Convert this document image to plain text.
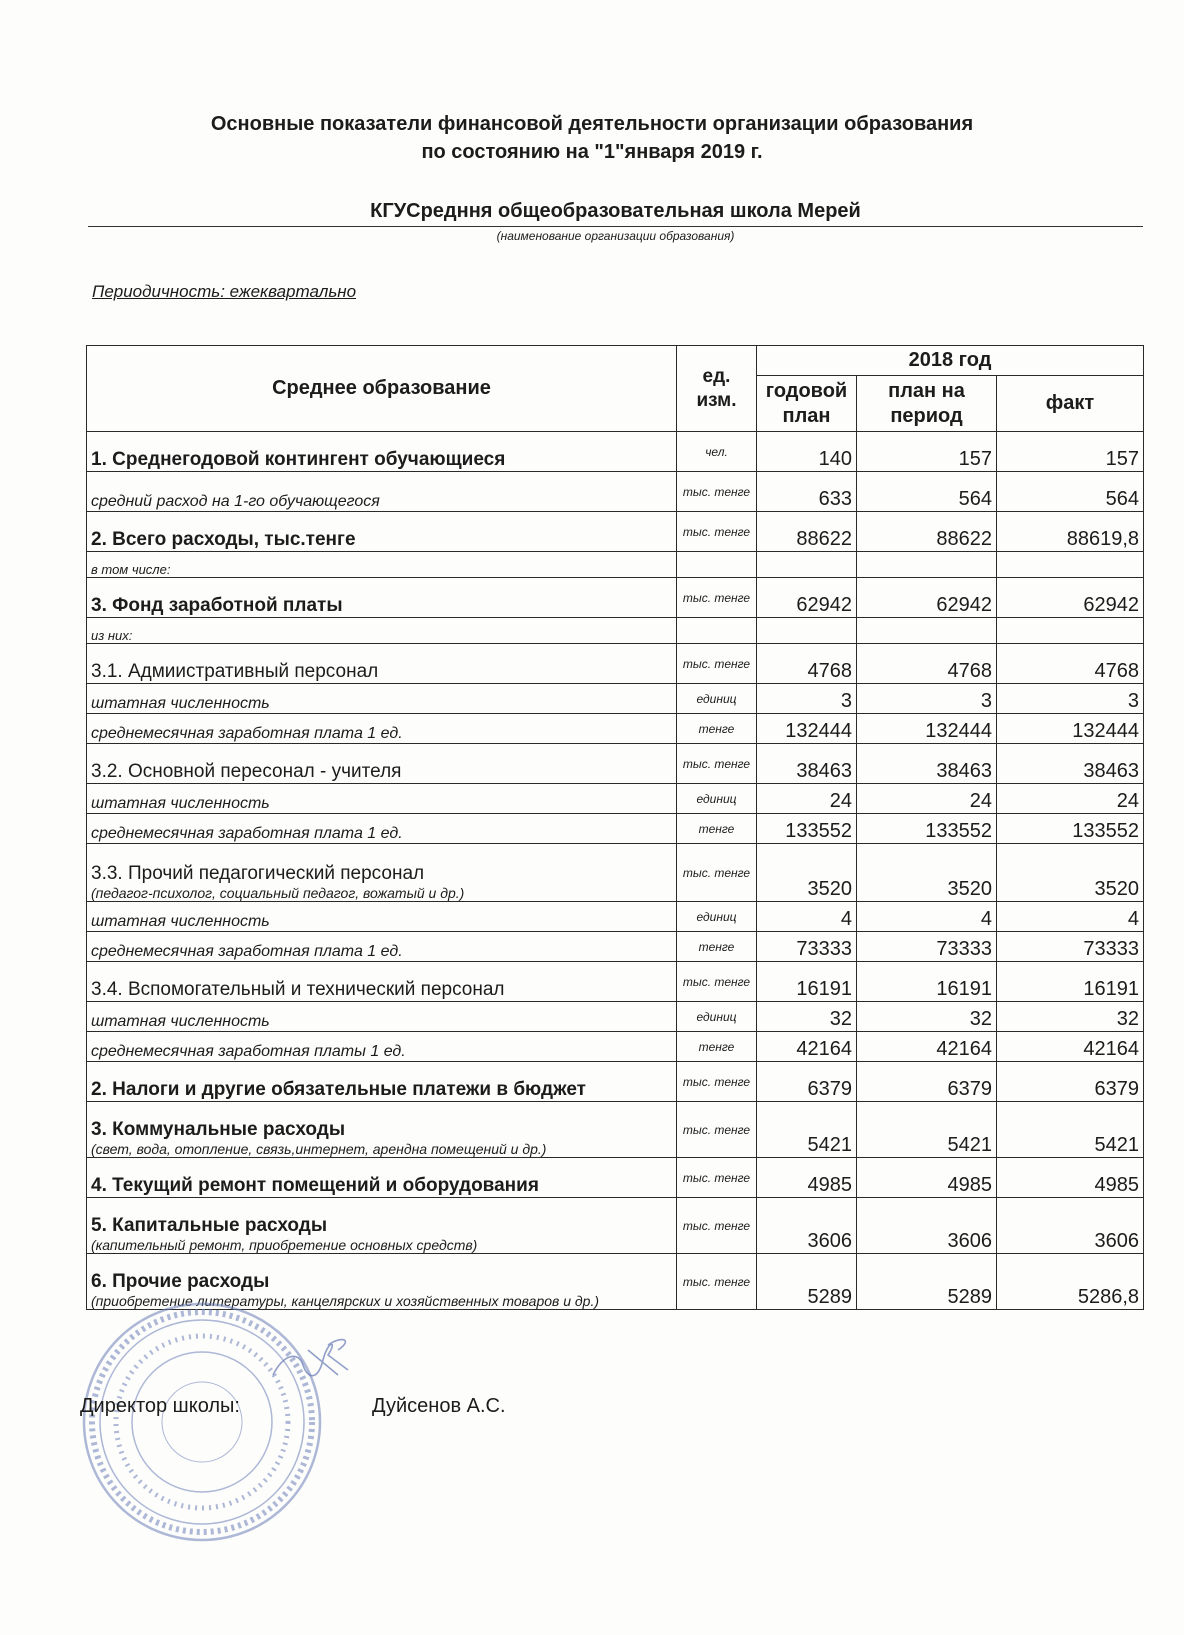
Основные показатели финансовой деятельности организации образования
по состоянию на "1"января 2019 г.
КГУСредння общеобразовательная школа Мерей
(наименование организации образования)
Периодичность: ежеквартально
Среднее образование	ед. изм.	2018 год		
		годовой план	план на период	факт

1. Среднегодовой контингент обучающиеся	чел.	140	157	157

средний расход на 1-го обучающегося	тыс. тенге	633	564	564

2. Всего расходы, тыс.тенге	тыс. тенге	88622	88622	88619,8

в том числе:				

3. Фонд заработной платы	тыс. тенге	62942	62942	62942

из них:				

3.1. Адмиистративный персонал	тыс. тенге	4768	4768	4768

штатная численность	единиц	3	3	3

среднемесячная заработная плата 1 ед.	тенге	132444	132444	132444

3.2. Основной пересонал - учителя	тыс. тенге	38463	38463	38463

штатная численность	единиц	24	24	24

среднемесячная заработная плата 1 ед.	тенге	133552	133552	133552

3.3. Прочий педагогический персонал
(педагог-психолог, социальный педагог, вожатый и др.)	тыс. тенге	3520	3520	3520

штатная численность	единиц	4	4	4

среднемесячная заработная плата 1 ед.	тенге	73333	73333	73333

3.4. Вспомогательный и технический персонал	тыс. тенге	16191	16191	16191

штатная численность	единиц	32	32	32

среднемесячная заработная платы 1 ед.	тенге	42164	42164	42164

2. Налоги и другие обязательные платежи в бюджет	тыс. тенге	6379	6379	6379

3. Коммунальные расходы
(свет, вода, отопление, связь,интернет, арендна помещений и др.)	тыс. тенге	5421	5421	5421

4. Текущий ремонт помещений и оборудования	тыс. тенге	4985	4985	4985

5. Капитальные расходы
(капительный ремонт, приобретение основных средств)	тыс. тенге	3606	3606	3606

6. Прочие расходы
(приобретение литературы, канцелярских и хозяйственных товаров и др.)	тыс. тенге	5289	5289	5286,8
Директор школы:	Дуйсенов А.С.
